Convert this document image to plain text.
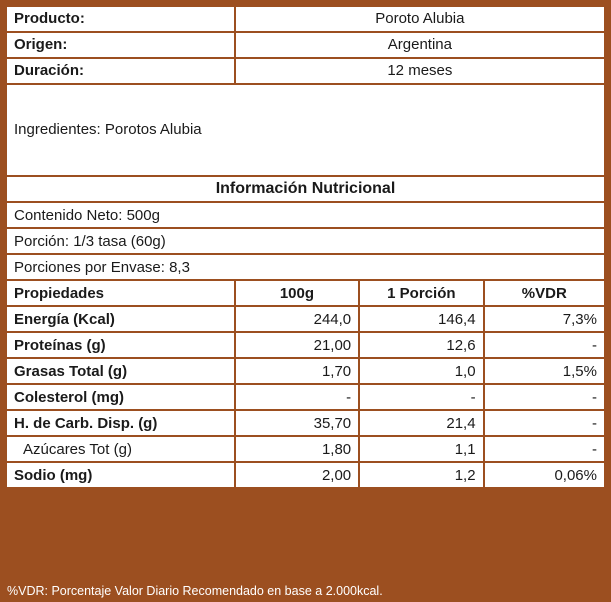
Producto:	Poroto Alubia		
Origen:	Argentina		
Duración:	12 meses		
Ingredientes: Porotos Alubia			
Información Nutricional			
Contenido Neto: 500g			
Porción: 1/3 tasa (60g)			
Porciones por Envase: 8,3			
Propiedades	100g	1 Porción	%VDR
Energía (Kcal)	244,0	146,4	7,3%
Proteínas (g)	21,00	12,6	-
Grasas Total (g)	1,70	1,0	1,5%
Colesterol (mg)	-	-	-
H. de Carb. Disp. (g)	35,70	21,4	-
Azúcares Tot (g)	1,80	1,1	-
Sodio (mg)	2,00	1,2	0,06%
%VDR: Porcentaje Valor Diario Recomendado en base a 2.000kcal.
